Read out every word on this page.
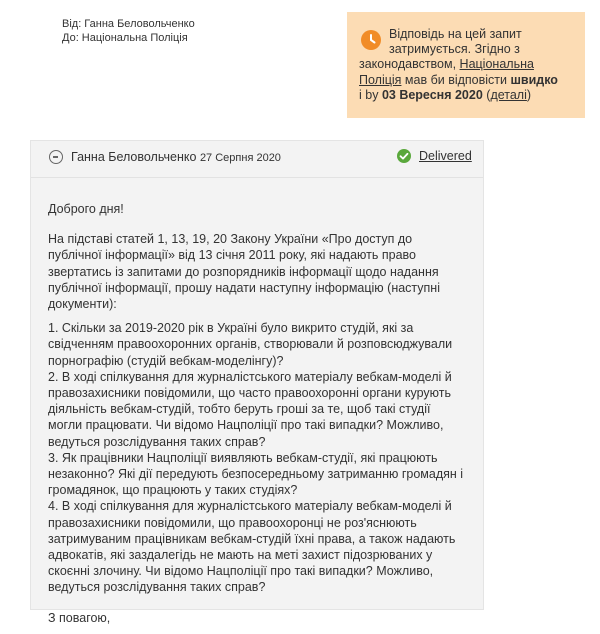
Від: Ганна Беловольченко
До: Національна Поліція	Відповідь на цей запит
затримується. Згідно з
законодавством, Національна
Поліція мав би відповісти швидко
і by 03 Вересня 2020 (деталі)
Ганна Беловольченко 27 Серпня 2020	Delivered

Доброго дня!

На підставі статей 1, 13, 19, 20 Закону України «Про доступ до публічної інформації» від 13 січня 2011 року, які надають право звертатись із запитами до розпорядників інформації щодо надання публічної інформації, прошу надати наступну інформацію (наступні документи):

1. Скільки за 2019-2020 рік в Україні було викрито студій, які за свідченням правоохоронних органів, створювали й розповсюджували порнографію (студій вебкам-моделінгу)?

2. В ході спілкування для журналістського матеріалу вебкам-моделі й правозахисники повідомили, що часто правоохоронні органи курують діяльність вебкам-студій, тобто беруть гроші за те, щоб такі студії могли працювати. Чи відомо Нацполіції про такі випадки? Можливо, ведуться розслідування таких справ?

3. Як працівники Нацполіції виявляють вебкам-студії, які працюють незаконно? Які дії передують безпосередньому затриманню громадян і громадянок, що працюють у таких студіях?

4. В ході спілкування для журналістського матеріалу вебкам-моделі й правозахисники повідомили, що правоохоронці не роз'яснюють затримуваним працівникам вебкам-студій їхні права, а також надають адвокатів, які заздалегідь не мають на меті захист підозрюваних у скоєнні злочину. Чи відомо Нацполіції про такі випадки? Можливо, ведуться розслідування таких справ?

З повагою,
